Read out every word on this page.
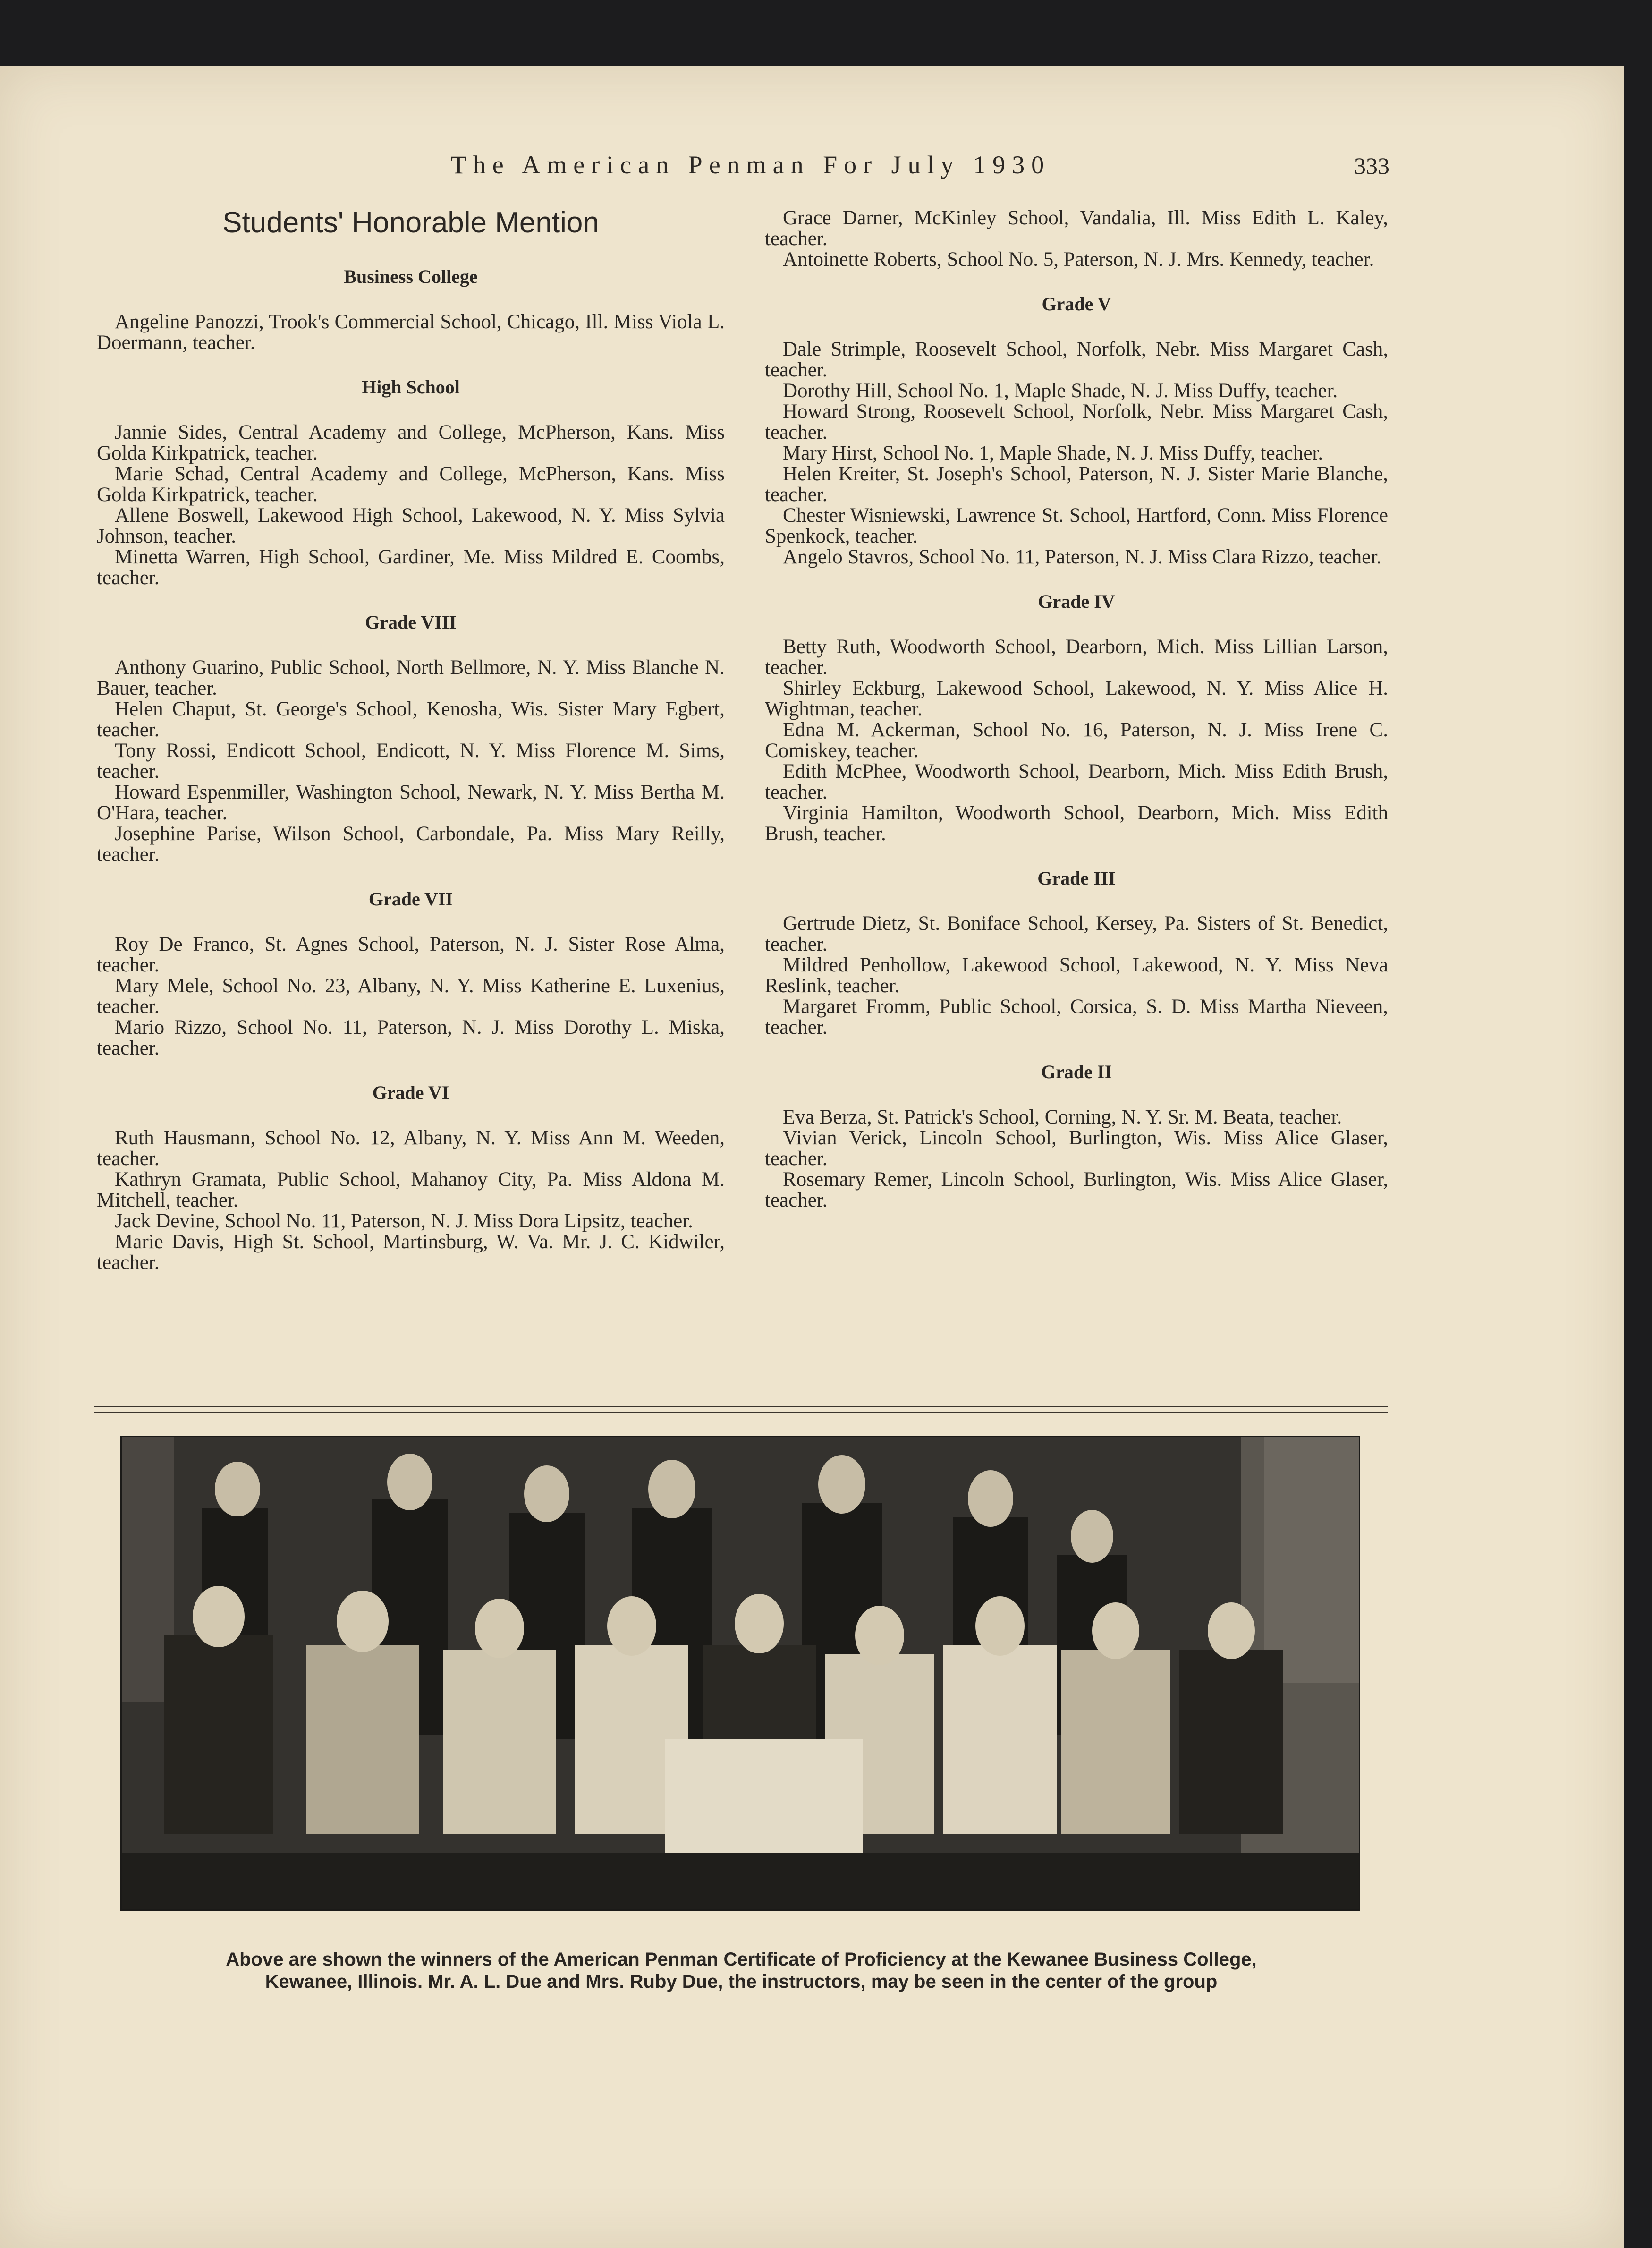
The American Penman For July 1930	333
Students' Honorable Mention
Business College
Angeline Panozzi, Trook's Commercial School, Chicago, Ill. Miss Viola L. Doermann, teacher.
High School
Jannie Sides, Central Academy and College, McPherson, Kans. Miss Golda Kirkpatrick, teacher.
Marie Schad, Central Academy and College, McPherson, Kans. Miss Golda Kirkpatrick, teacher.
Allene Boswell, Lakewood High School, Lakewood, N. Y. Miss Sylvia Johnson, teacher.
Minetta Warren, High School, Gardiner, Me. Miss Mildred E. Coombs, teacher.
Grade VIII
Anthony Guarino, Public School, North Bellmore, N. Y. Miss Blanche N. Bauer, teacher.
Helen Chaput, St. George's School, Kenosha, Wis. Sister Mary Egbert, teacher.
Tony Rossi, Endicott School, Endicott, N. Y. Miss Florence M. Sims, teacher.
Howard Espenmiller, Washington School, Newark, N. Y. Miss Bertha M. O'Hara, teacher.
Josephine Parise, Wilson School, Carbondale, Pa. Miss Mary Reilly, teacher.
Grade VII
Roy De Franco, St. Agnes School, Paterson, N. J. Sister Rose Alma, teacher.
Mary Mele, School No. 23, Albany, N. Y. Miss Katherine E. Luxenius, teacher.
Mario Rizzo, School No. 11, Paterson, N. J. Miss Dorothy L. Miska, teacher.
Grade VI
Ruth Hausmann, School No. 12, Albany, N. Y. Miss Ann M. Weeden, teacher.
Kathryn Gramata, Public School, Mahanoy City, Pa. Miss Aldona M. Mitchell, teacher.
Jack Devine, School No. 11, Paterson, N. J. Miss Dora Lipsitz, teacher.
Marie Davis, High St. School, Martinsburg, W. Va. Mr. J. C. Kidwiler, teacher.
Grace Darner, McKinley School, Vandalia, Ill. Miss Edith L. Kaley, teacher.
Antoinette Roberts, School No. 5, Paterson, N. J. Mrs. Kennedy, teacher.
Grade V
Dale Strimple, Roosevelt School, Norfolk, Nebr. Miss Margaret Cash, teacher.
Dorothy Hill, School No. 1, Maple Shade, N. J. Miss Duffy, teacher.
Howard Strong, Roosevelt School, Norfolk, Nebr. Miss Margaret Cash, teacher.
Mary Hirst, School No. 1, Maple Shade, N. J. Miss Duffy, teacher.
Helen Kreiter, St. Joseph's School, Paterson, N. J. Sister Marie Blanche, teacher.
Chester Wisniewski, Lawrence St. School, Hartford, Conn. Miss Florence Spenkock, teacher.
Angelo Stavros, School No. 11, Paterson, N. J. Miss Clara Rizzo, teacher.
Grade IV
Betty Ruth, Woodworth School, Dearborn, Mich. Miss Lillian Larson, teacher.
Shirley Eckburg, Lakewood School, Lakewood, N. Y. Miss Alice H. Wightman, teacher.
Edna M. Ackerman, School No. 16, Paterson, N. J. Miss Irene C. Comiskey, teacher.
Edith McPhee, Woodworth School, Dearborn, Mich. Miss Edith Brush, teacher.
Virginia Hamilton, Woodworth School, Dearborn, Mich. Miss Edith Brush, teacher.
Grade III
Gertrude Dietz, St. Boniface School, Kersey, Pa. Sisters of St. Benedict, teacher.
Mildred Penhollow, Lakewood School, Lakewood, N. Y. Miss Neva Reslink, teacher.
Margaret Fromm, Public School, Corsica, S. D. Miss Martha Nieveen, teacher.
Grade II
Eva Berza, St. Patrick's School, Corning, N. Y. Sr. M. Beata, teacher.
Vivian Verick, Lincoln School, Burlington, Wis. Miss Alice Glaser, teacher.
Rosemary Remer, Lincoln School, Burlington, Wis. Miss Alice Glaser, teacher.
Above are shown the winners of the American Penman Certificate of Proficiency at the Kewanee Business College, Kewanee, Illinois. Mr. A. L. Due and Mrs. Ruby Due, the instructors, may be seen in the center of the group
